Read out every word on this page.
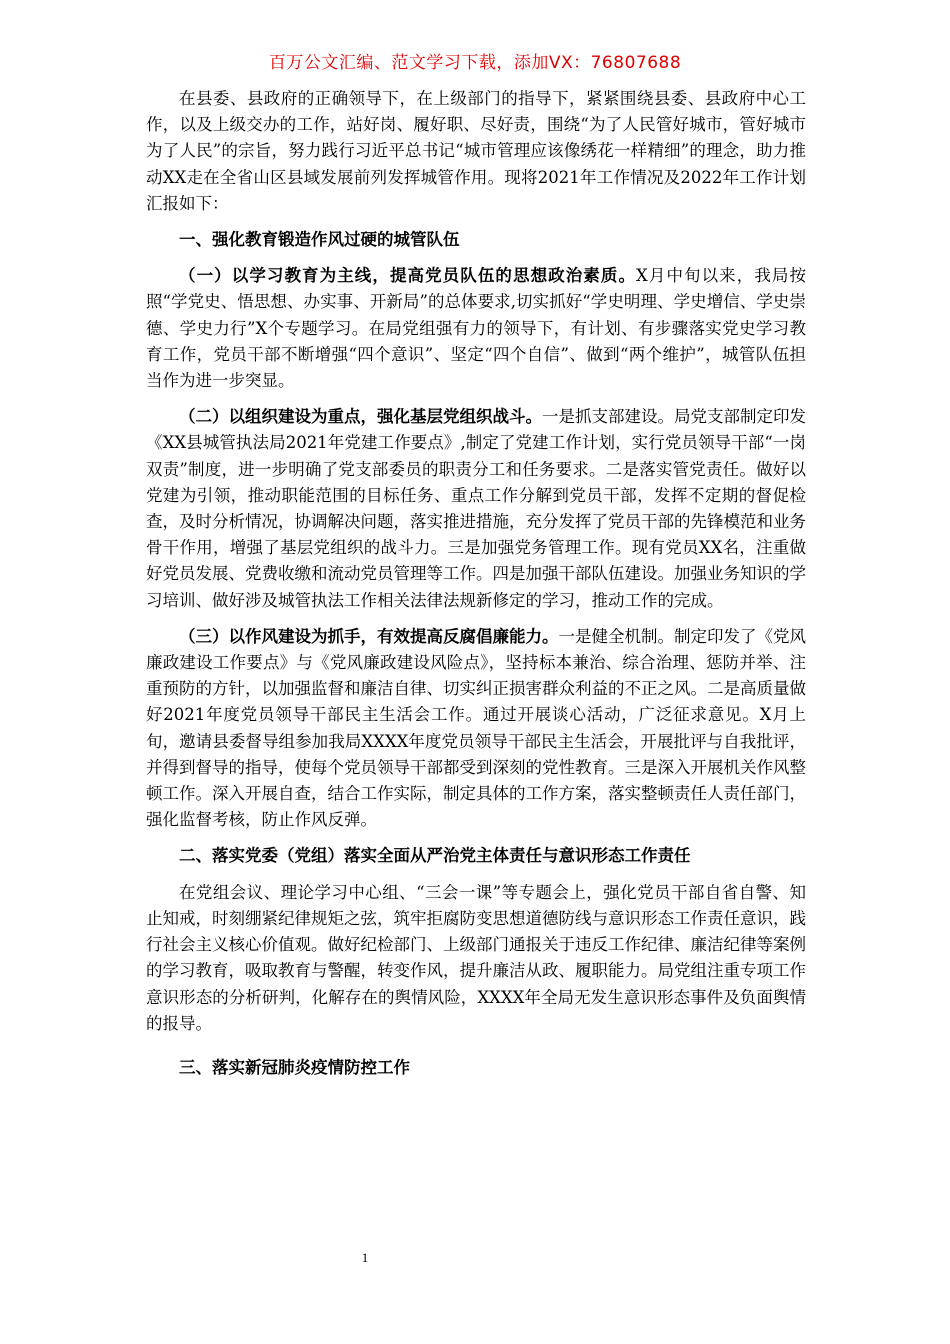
百万公文汇编、范文学习下载，添加VX：76807688

在县委、县政府的正确领导下，在上级部门的指导下，紧紧围绕县委、县政府中心工作，以及上级交办的工作，站好岗、履好职、尽好责，围绕“为了人民管好城市，管好城市为了人民”的宗旨，努力践行习近平总书记“城市管理应该像绣花一样精细”的理念，助力推动XX走在全省山区县域发展前列发挥城管作用。现将2021年工作情况及2022年工作计划汇报如下：

一、强化教育锻造作风过硬的城管队伍

（一）以学习教育为主线，提高党员队伍的思想政治素质。X月中旬以来，我局按照“学党史、悟思想、办实事、开新局”的总体要求,切实抓好“学史明理、学史增信、学史崇德、学史力行”X个专题学习。在局党组强有力的领导下，有计划、有步骤落实党史学习教育工作，党员干部不断增强“四个意识”、坚定“四个自信”、做到“两个维护”，城管队伍担当作为进一步突显。

（二）以组织建设为重点，强化基层党组织战斗。一是抓支部建设。局党支部制定印发《XX县城管执法局2021年党建工作要点》,制定了党建工作计划，实行党员领导干部“一岗双责”制度，进一步明确了党支部委员的职责分工和任务要求。二是落实管党责任。做好以党建为引领，推动职能范围的目标任务、重点工作分解到党员干部，发挥不定期的督促检查，及时分析情况，协调解决问题，落实推进措施，充分发挥了党员干部的先锋模范和业务骨干作用，增强了基层党组织的战斗力。三是加强党务管理工作。现有党员XX名，注重做好党员发展、党费收缴和流动党员管理等工作。四是加强干部队伍建设。加强业务知识的学习培训、做好涉及城管执法工作相关法律法规新修定的学习，推动工作的完成。

（三）以作风建设为抓手，有效提高反腐倡廉能力。一是健全机制。制定印发了《党风廉政建设工作要点》与《党风廉政建设风险点》，坚持标本兼治、综合治理、惩防并举、注重预防的方针，以加强监督和廉洁自律、切实纠正损害群众利益的不正之风。二是高质量做好2021年度党员领导干部民主生活会工作。通过开展谈心活动，广泛征求意见。X月上旬，邀请县委督导组参加我局XXXX年度党员领导干部民主生活会，开展批评与自我批评，并得到督导的指导，使每个党员领导干部都受到深刻的党性教育。三是深入开展机关作风整顿工作。深入开展自查，结合工作实际，制定具体的工作方案，落实整顿责任人责任部门，强化监督考核，防止作风反弹。

二、落实党委（党组）落实全面从严治党主体责任与意识形态工作责任

在党组会议、理论学习中心组、“三会一课”等专题会上，强化党员干部自省自警、知止知戒，时刻绷紧纪律规矩之弦，筑牢拒腐防变思想道德防线与意识形态工作责任意识，践行社会主义核心价值观。做好纪检部门、上级部门通报关于违反工作纪律、廉洁纪律等案例的学习教育，吸取教育与警醒，转变作风，提升廉洁从政、履职能力。局党组注重专项工作意识形态的分析研判，化解存在的舆情风险，XXXX年全局无发生意识形态事件及负面舆情的报导。

三、落实新冠肺炎疫情防控工作
1
